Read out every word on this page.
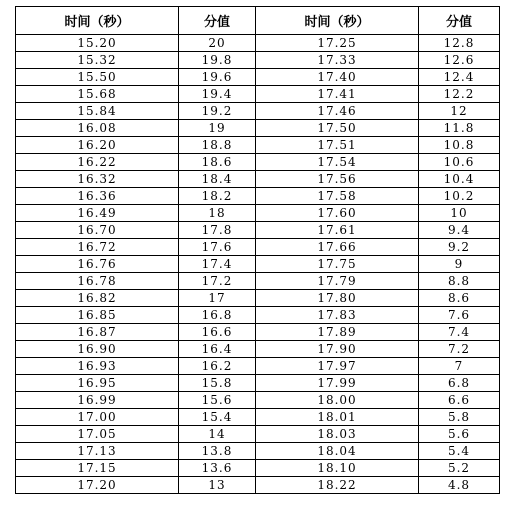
时间（秒）	分值	时间（秒）	分值
15.20	20	17.25	12.8
15.32	19.8	17.33	12.6
15.50	19.6	17.40	12.4
15.68	19.4	17.41	12.2
15.84	19.2	17.46	12
16.08	19	17.50	11.8
16.20	18.8	17.51	10.8
16.22	18.6	17.54	10.6
16.32	18.4	17.56	10.4
16.36	18.2	17.58	10.2
16.49	18	17.60	10
16.70	17.8	17.61	9.4
16.72	17.6	17.66	9.2
16.76	17.4	17.75	9
16.78	17.2	17.79	8.8
16.82	17	17.80	8.6
16.85	16.8	17.83	7.6
16.87	16.6	17.89	7.4
16.90	16.4	17.90	7.2
16.93	16.2	17.97	7
16.95	15.8	17.99	6.8
16.99	15.6	18.00	6.6
17.00	15.4	18.01	5.8
17.05	14	18.03	5.6
17.13	13.8	18.04	5.4
17.15	13.6	18.10	5.2
17.20	13	18.22	4.8
